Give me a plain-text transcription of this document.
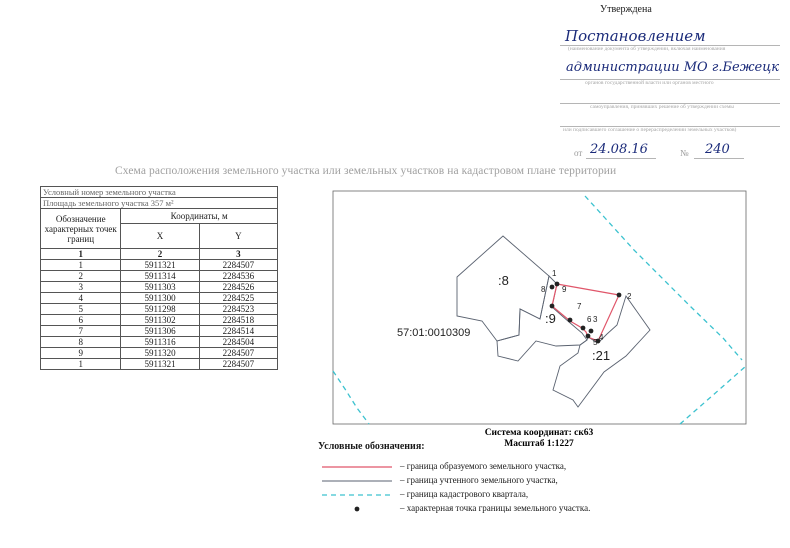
Утверждена
Постановлением
(наименование документа об утверждении, включая наименования
администрации МО г.Бежецк
органов государственной власти или органов местного
самоуправления, принявших решение об утверждении схемы
или подписавшего соглашение о перераспределении земельных участков)
от 24.08.16	№ 240
Схема расположения земельного участка или земельных участков на кадастровом плане территории
Условный номер земельного участка		
Площадь земельного участка 357 м²		
Обозначение характерных точек границ	Координаты, м	
	X	Y
1	2	3
1	5911321	2284507
2	5911314	2284536
3	5911303	2284526
4	5911300	2284525
5	5911298	2284523
6	5911302	2284518
7	5911306	2284514
8	5911316	2284504
9	5911320	2284507
1	5911321	2284507
1
2
8 9
7
6 3
5
4
:8
:9
:21
57:01:0010309
Система координат: ск63
Масштаб 1:1227
Условные обозначения:
– граница образуемого земельного участка,
– граница учтенного земельного участка,
– граница кадастрового квартала,
– характерная точка границы земельного участка.
